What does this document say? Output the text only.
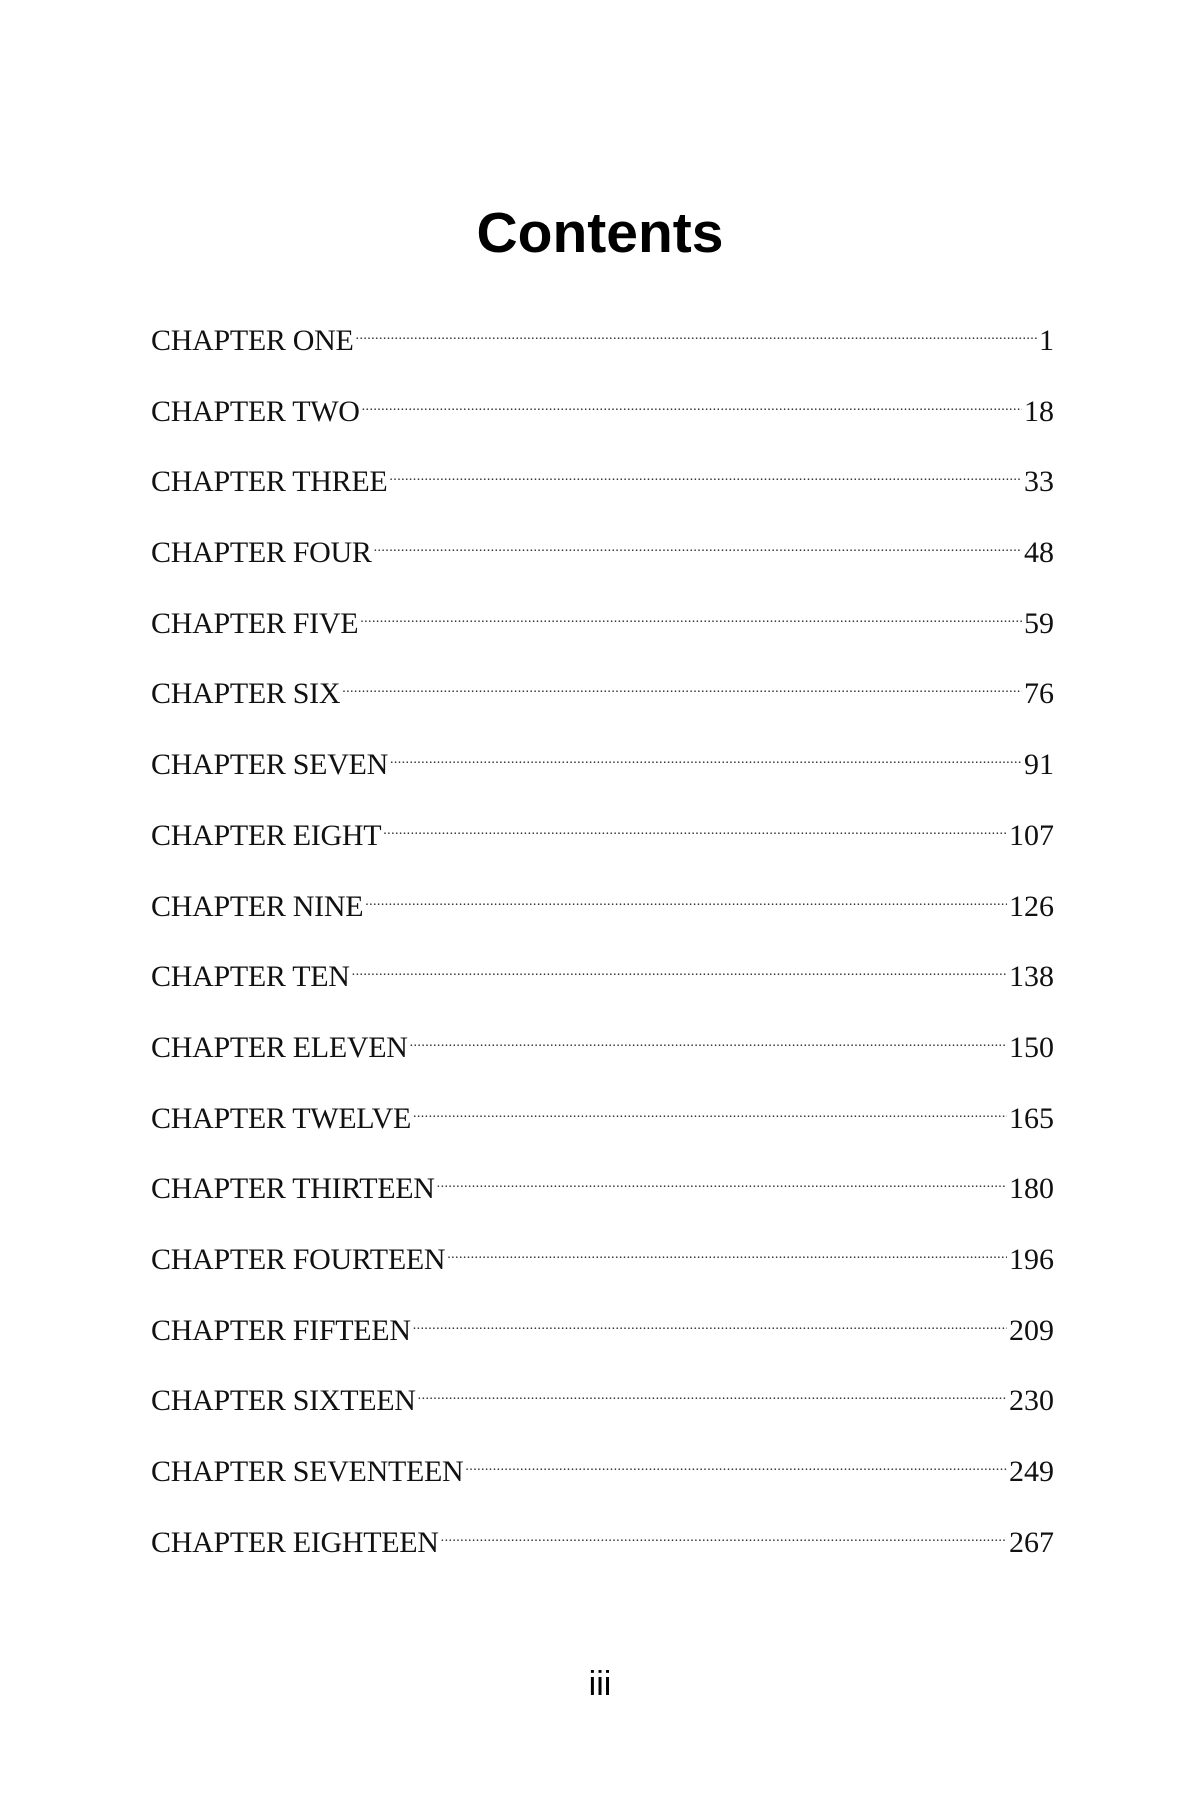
Contents
CHAPTER ONE .....	1
CHAPTER TWO .....	18
CHAPTER THREE .....	33
CHAPTER FOUR .....	48
CHAPTER FIVE .....	59
CHAPTER SIX .....	76
CHAPTER SEVEN .....	91
CHAPTER EIGHT .....	107
CHAPTER NINE .....	126
CHAPTER TEN .....	138
CHAPTER ELEVEN .....	150
CHAPTER TWELVE .....	165
CHAPTER THIRTEEN .....	180
CHAPTER FOURTEEN .....	196
CHAPTER FIFTEEN .....	209
CHAPTER SIXTEEN .....	230
CHAPTER SEVENTEEN .....	249
CHAPTER EIGHTEEN .....	267
iii
